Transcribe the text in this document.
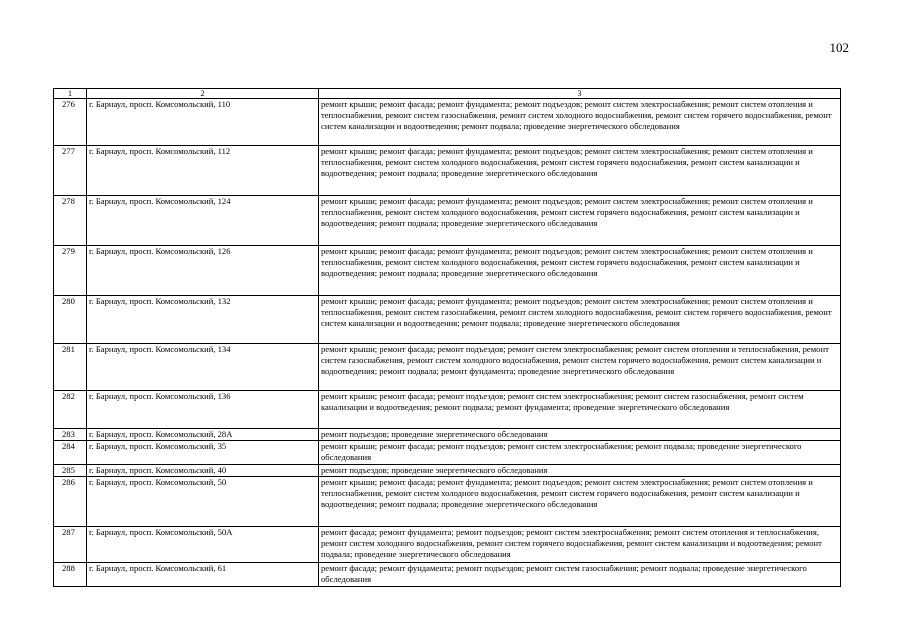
102
1	2	3
276	г. Барнаул, просп. Комсомольский, 110	ремонт крыши; ремонт фасада; ремонт фундамента; ремонт подъездов; ремонт систем электроснабжения; ремонт систем отопления и теплоснабжения, ремонт систем газоснабжения, ремонт систем холодного водоснабжения, ремонт систем горячего водоснабжения, ремонт систем канализации и водоотведения; ремонт подвала; проведение энергетического обследования
277	г. Барнаул, просп. Комсомольский, 112	ремонт крыши; ремонт фасада; ремонт фундамента; ремонт подъездов; ремонт систем электроснабжения; ремонт систем отопления и теплоснабжения, ремонт систем холодного водоснабжения, ремонт систем горячего водоснабжения, ремонт систем канализации и водоотведения; ремонт подвала; проведение энергетического обследования
278	г. Барнаул, просп. Комсомольский, 124	ремонт крыши; ремонт фасада; ремонт фундамента; ремонт подъездов; ремонт систем электроснабжения; ремонт систем отопления и теплоснабжения, ремонт систем холодного водоснабжения, ремонт систем горячего водоснабжения, ремонт систем канализации и водоотведения; ремонт подвала; проведение энергетического обследования
279	г. Барнаул, просп. Комсомольский, 126	ремонт крыши; ремонт фасада; ремонт фундамента; ремонт подъездов; ремонт систем электроснабжения; ремонт систем отопления и теплоснабжения, ремонт систем холодного водоснабжения, ремонт систем горячего водоснабжения, ремонт систем канализации и водоотведения; ремонт подвала; проведение энергетического обследования
280	г. Барнаул, просп. Комсомольский, 132	ремонт крыши; ремонт фасада; ремонт фундамента; ремонт подъездов; ремонт систем электроснабжения; ремонт систем отопления и теплоснабжения, ремонт систем газоснабжения, ремонт систем холодного водоснабжения, ремонт систем горячего водоснабжения, ремонт систем канализации и водоотведения; ремонт подвала; проведение энергетического обследования
281	г. Барнаул, просп. Комсомольский, 134	ремонт крыши; ремонт фасада; ремонт подъездов; ремонт систем электроснабжения; ремонт систем отопления и теплоснабжения, ремонт систем газоснабжения, ремонт систем холодного водоснабжения, ремонт систем горячего водоснабжения, ремонт систем канализации и водоотведения; ремонт подвала; ремонт фундамента; проведение энергетического обследования
282	г. Барнаул, просп. Комсомольский, 136	ремонт крыши; ремонт фасада; ремонт подъездов; ремонт систем электроснабжения; ремонт систем газоснабжения, ремонт систем канализации и водоотведения; ремонт подвала; ремонт фундамента; проведение энергетического обследования
283	г. Барнаул, просп. Комсомольский, 28А	ремонт подъездов; проведение энергетического обследования
284	г. Барнаул, просп. Комсомольский, 35	ремонт крыши; ремонт фасада; ремонт подъездов; ремонт систем электроснабжения; ремонт подвала; проведение энергетического обследования
285	г. Барнаул, просп. Комсомольский, 40	ремонт подъездов; проведение энергетического обследования
286	г. Барнаул, просп. Комсомольский, 50	ремонт крыши; ремонт фасада; ремонт фундамента; ремонт подъездов; ремонт систем электроснабжения; ремонт систем отопления и теплоснабжения, ремонт систем холодного водоснабжения, ремонт систем горячего водоснабжения, ремонт систем канализации и водоотведения; ремонт подвала; проведение энергетического обследования
287	г. Барнаул, просп. Комсомольский, 50А	ремонт фасада; ремонт фундамента; ремонт подъездов; ремонт систем электроснабжения; ремонт систем отопления и теплоснабжения, ремонт систем холодного водоснабжения, ремонт систем горячего водоснабжения, ремонт систем канализации и водоотведения; ремонт подвала; проведение энергетического обследования
288	г. Барнаул, просп. Комсомольский, 61	ремонт фасада; ремонт фундамента; ремонт подъездов; ремонт систем газоснабжения; ремонт подвала; проведение энергетического обследования
